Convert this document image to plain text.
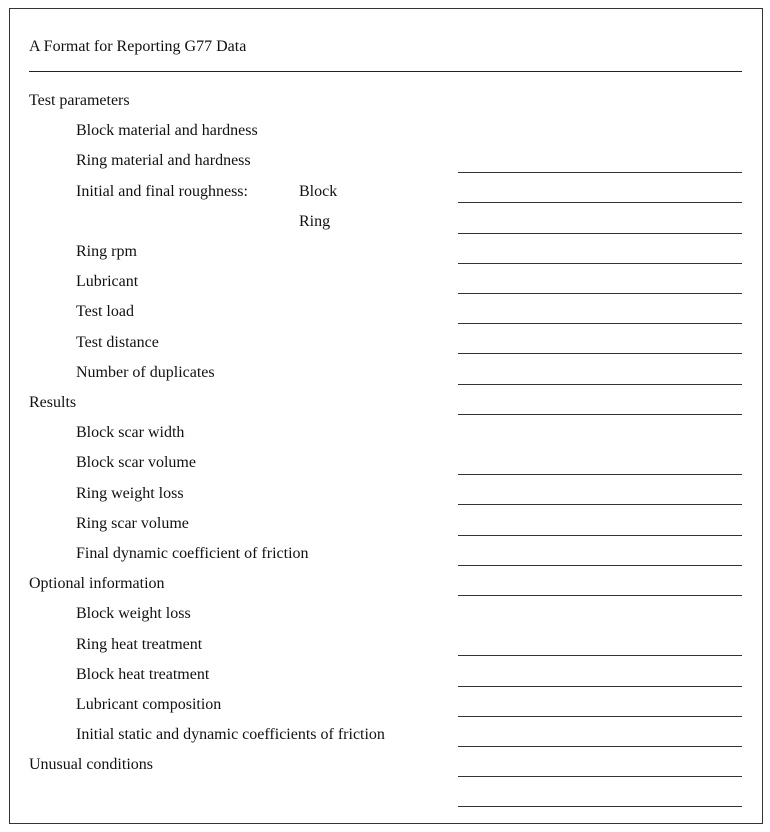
A Format for Reporting G77 Data
Test parameters
Block material and hardness
Ring material and hardness
Initial and final roughness:	Block
Ring
Ring rpm
Lubricant
Test load
Test distance
Number of duplicates
Results
Block scar width
Block scar volume
Ring weight loss
Ring scar volume
Final dynamic coefficient of friction
Optional information
Block weight loss
Ring heat treatment
Block heat treatment
Lubricant composition
Initial static and dynamic coefficients of friction
Unusual conditions
